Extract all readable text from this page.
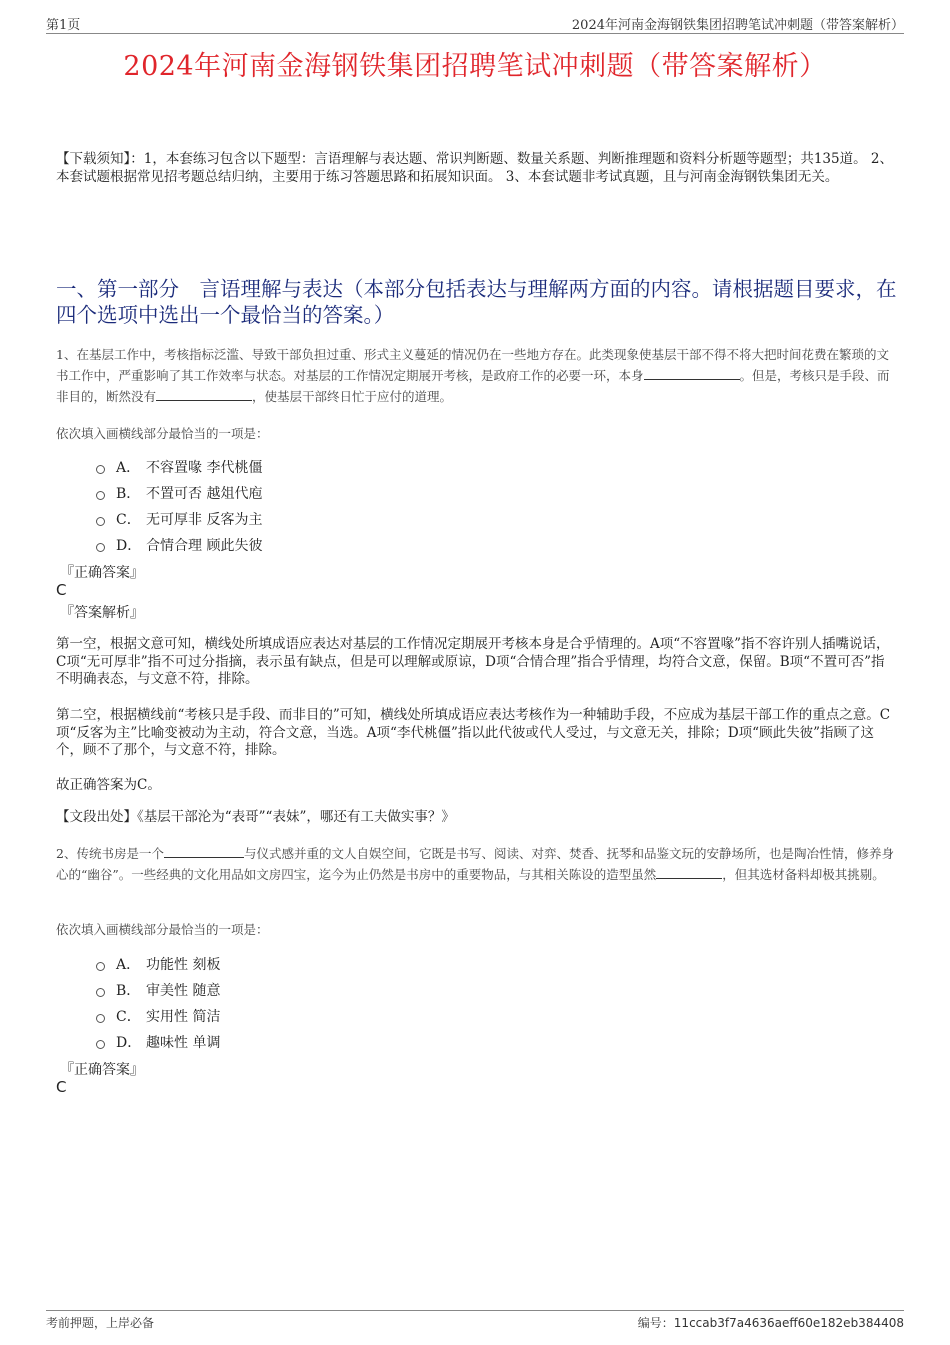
第1页	2024年河南金海钢铁集团招聘笔试冲刺题（带答案解析）
2024年河南金海钢铁集团招聘笔试冲刺题（带答案解析）
【下载须知】：1，本套练习包含以下题型：言语理解与表达题、常识判断题、数量关系题、判断推理题和资料分析题等题型；共135道。 2、本套试题根据常见招考题总结归纳，主要用于练习答题思路和拓展知识面。 3、本套试题非考试真题，且与河南金海钢铁集团无关。
一、第一部分　言语理解与表达（本部分包括表达与理解两方面的内容。请根据题目要求，在四个选项中选出一个最恰当的答案。）
1、在基层工作中，考核指标泛滥、导致干部负担过重、形式主义蔓延的情况仍在一些地方存在。此类现象使基层干部不得不将大把时间花费在繁琐的文书工作中，严重影响了其工作效率与状态。对基层的工作情况定期展开考核，是政府工作的必要一环，本身	。但是，考核只是手段、而非目的，断然没有	，使基层干部终日忙于应付的道理。
依次填入画横线部分最恰当的一项是：
A． 不容置喙 李代桃僵
B． 不置可否 越俎代庖
C． 无可厚非 反客为主
D． 合情合理 顾此失彼
『正确答案』
C
『答案解析』
第一空，根据文意可知，横线处所填成语应表达对基层的工作情况定期展开考核本身是合乎情理的。A项“不容置喙”指不容许别人插嘴说话，C项“无可厚非”指不可过分指摘，表示虽有缺点，但是可以理解或原谅，D项“合情合理”指合乎情理，均符合文意，保留。B项“不置可否”指不明确表态，与文意不符，排除。
第二空，根据横线前“考核只是手段、而非目的”可知，横线处所填成语应表达考核作为一种辅助手段，不应成为基层干部工作的重点之意。C项“反客为主”比喻变被动为主动，符合文意，当选。A项“李代桃僵”指以此代彼或代人受过，与文意无关，排除；D项“顾此失彼”指顾了这个，顾不了那个，与文意不符，排除。
故正确答案为C。
【文段出处】《基层干部沦为“表哥”“表妹”，哪还有工夫做实事？》
2、传统书房是一个	与仪式感并重的文人自娱空间，它既是书写、阅读、对弈、焚香、抚琴和品鉴文玩的安静场所，也是陶冶性情，修养身心的“幽谷”。一些经典的文化用品如文房四宝，迄今为止仍然是书房中的重要物品，与其相关陈设的造型虽然	，但其选材备料却极其挑剔。
依次填入画横线部分最恰当的一项是：
A． 功能性 刻板
B． 审美性 随意
C． 实用性 简洁
D． 趣味性 单调
『正确答案』
C
考前押题，上岸必备	编号：11ccab3f7a4636aeff60e182eb384408
